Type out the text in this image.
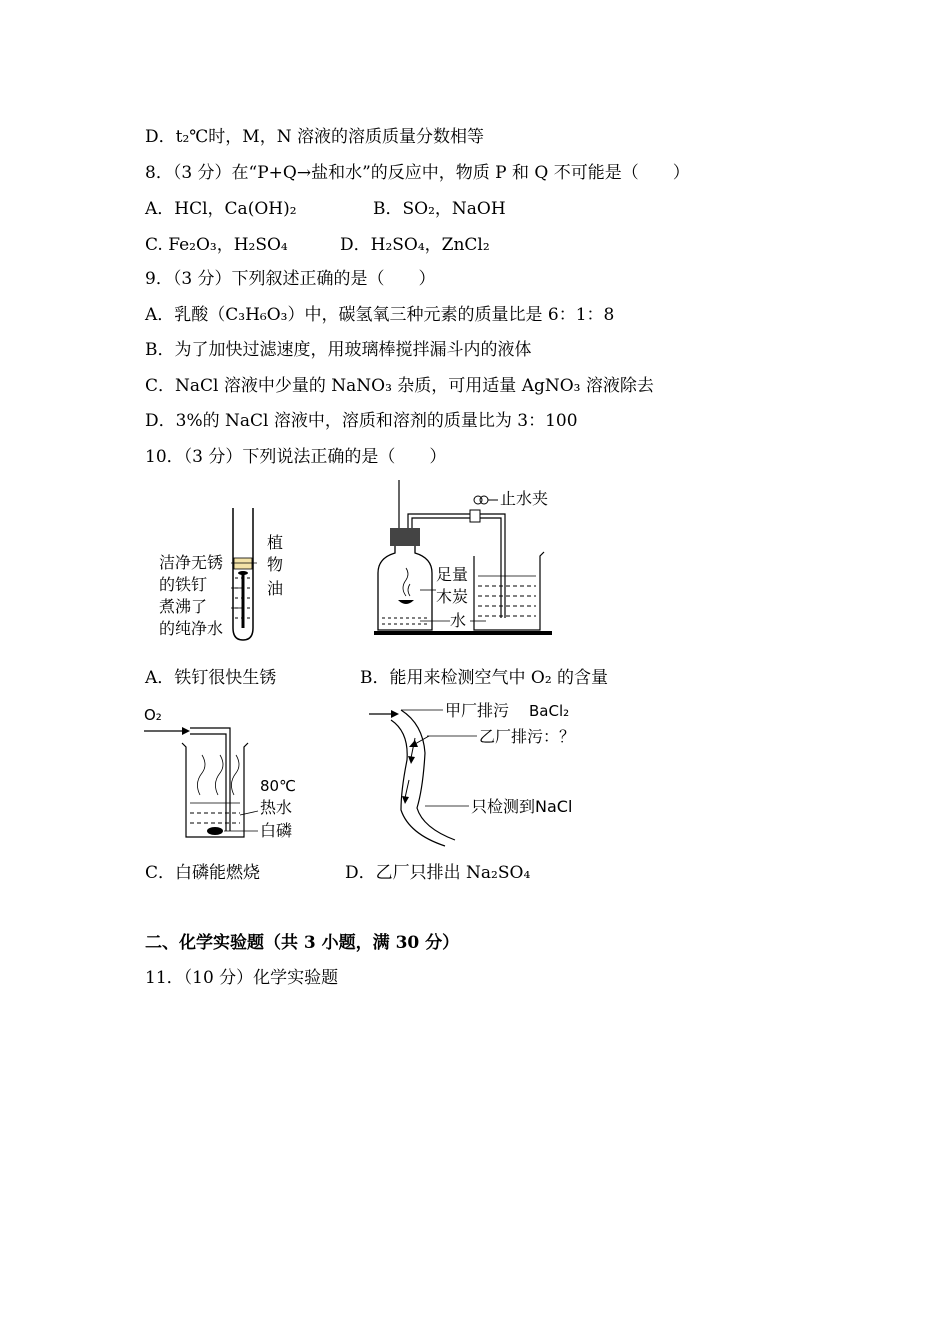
D．t₂℃时，M，N 溶液的溶质质量分数相等
8．（3 分）在“P+Q→盐和水”的反应中，物质 P 和 Q 不可能是（　　）
A．HCl，Ca(OH)₂	B．SO₂，NaOH
C. Fe₂O₃，H₂SO₄	D．H₂SO₄，ZnCl₂
9．（3 分）下列叙述正确的是（　　）
A．乳酸（C₃H₆O₃）中，碳氢氧三种元素的质量比是 6：1：8
B．为了加快过滤速度，用玻璃棒搅拌漏斗内的液体
C．NaCl 溶液中少量的 NaNO₃ 杂质，可用适量 AgNO₃ 溶液除去
D．3%的 NaCl 溶液中，溶质和溶剂的质量比为 3：100
10．（3 分）下列说法正确的是（　　）
洁净无锈
的铁钉
煮沸了
的纯净水
植
物
油
止水夹
足量
木炭
水
A．铁钉很快生锈	B．能用来检测空气中 O₂ 的含量
O₂
80℃
热水
白磷
甲厂排污 BaCl₂
乙厂排污：？
只检测到NaCl
C．白磷能燃烧	D．乙厂只排出 Na₂SO₄
二、化学实验题（共 3 小题，满 30 分）
11．（10 分）化学实验题
